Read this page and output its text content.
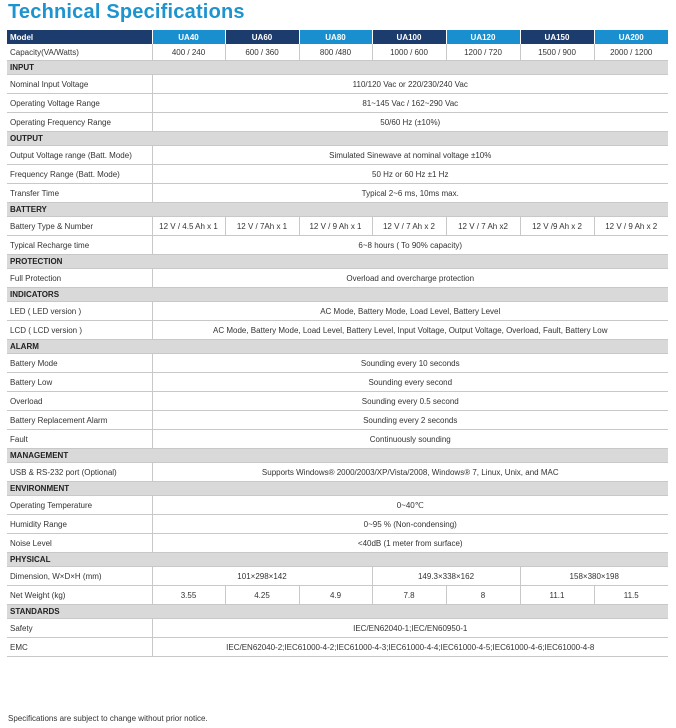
Technical Specifications
Model	UA40	UA60	UA80	UA100	UA120	UA150	UA200
Capacity(VA/Watts)	400 / 240	600 / 360	800 /480	1000 / 600	1200 / 720	1500 / 900	2000 / 1200
INPUT							
Nominal Input Voltage	110/120 Vac or 220/230/240 Vac						
Operating Voltage Range	81~145 Vac / 162~290 Vac						
Operating Frequency Range	50/60 Hz (±10%)						
OUTPUT							
Output Voltage range (Batt. Mode)	Simulated Sinewave at nominal voltage ±10%						
Frequency Range (Batt. Mode)	50 Hz or 60 Hz ±1 Hz						
Transfer Time	Typical 2~6 ms, 10ms max.						
BATTERY							
Battery Type & Number	12 V / 4.5 Ah x 1	12 V / 7Ah x 1	12 V / 9 Ah x 1	12 V / 7 Ah x 2	12 V / 7 Ah x2	12 V /9 Ah x 2	12 V / 9 Ah x 2
Typical Recharge time	6~8 hours ( To 90% capacity)						
PROTECTION							
Full Protection	Overload and overcharge protection						
INDICATORS							
LED ( LED version )	AC Mode, Battery Mode, Load Level, Battery Level						
LCD ( LCD version )	AC Mode, Battery Mode, Load Level, Battery Level, Input Voltage, Output Voltage, Overload, Fault, Battery Low						
ALARM							
Battery Mode	Sounding every 10 seconds						
Battery Low	Sounding every second						
Overload	Sounding every 0.5 second						
Battery Replacement Alarm	Sounding every 2 seconds						
Fault	Continuously sounding						
MANAGEMENT							
USB & RS-232 port (Optional)	Supports Windows® 2000/2003/XP/Vista/2008, Windows® 7, Linux, Unix, and MAC						
ENVIRONMENT							
Operating Temperature	0~40℃						
Humidity Range	0~95 % (Non-condensing)						
Noise Level	<40dB (1 meter from surface)						
PHYSICAL							
Dimension, W×D×H (mm)	101×298×142			149.3×338×162		158×380×198	
Net Weight (kg)	3.55	4.25	4.9	7.8	8	11.1	11.5
STANDARDS							
Safety	IEC/EN62040-1;IEC/EN60950-1						
EMC	IEC/EN62040-2;IEC61000-4-2;IEC61000-4-3;IEC61000-4-4;IEC61000-4-5;IEC61000-4-6;IEC61000-4-8						
Specifications are subject to change without prior notice.
